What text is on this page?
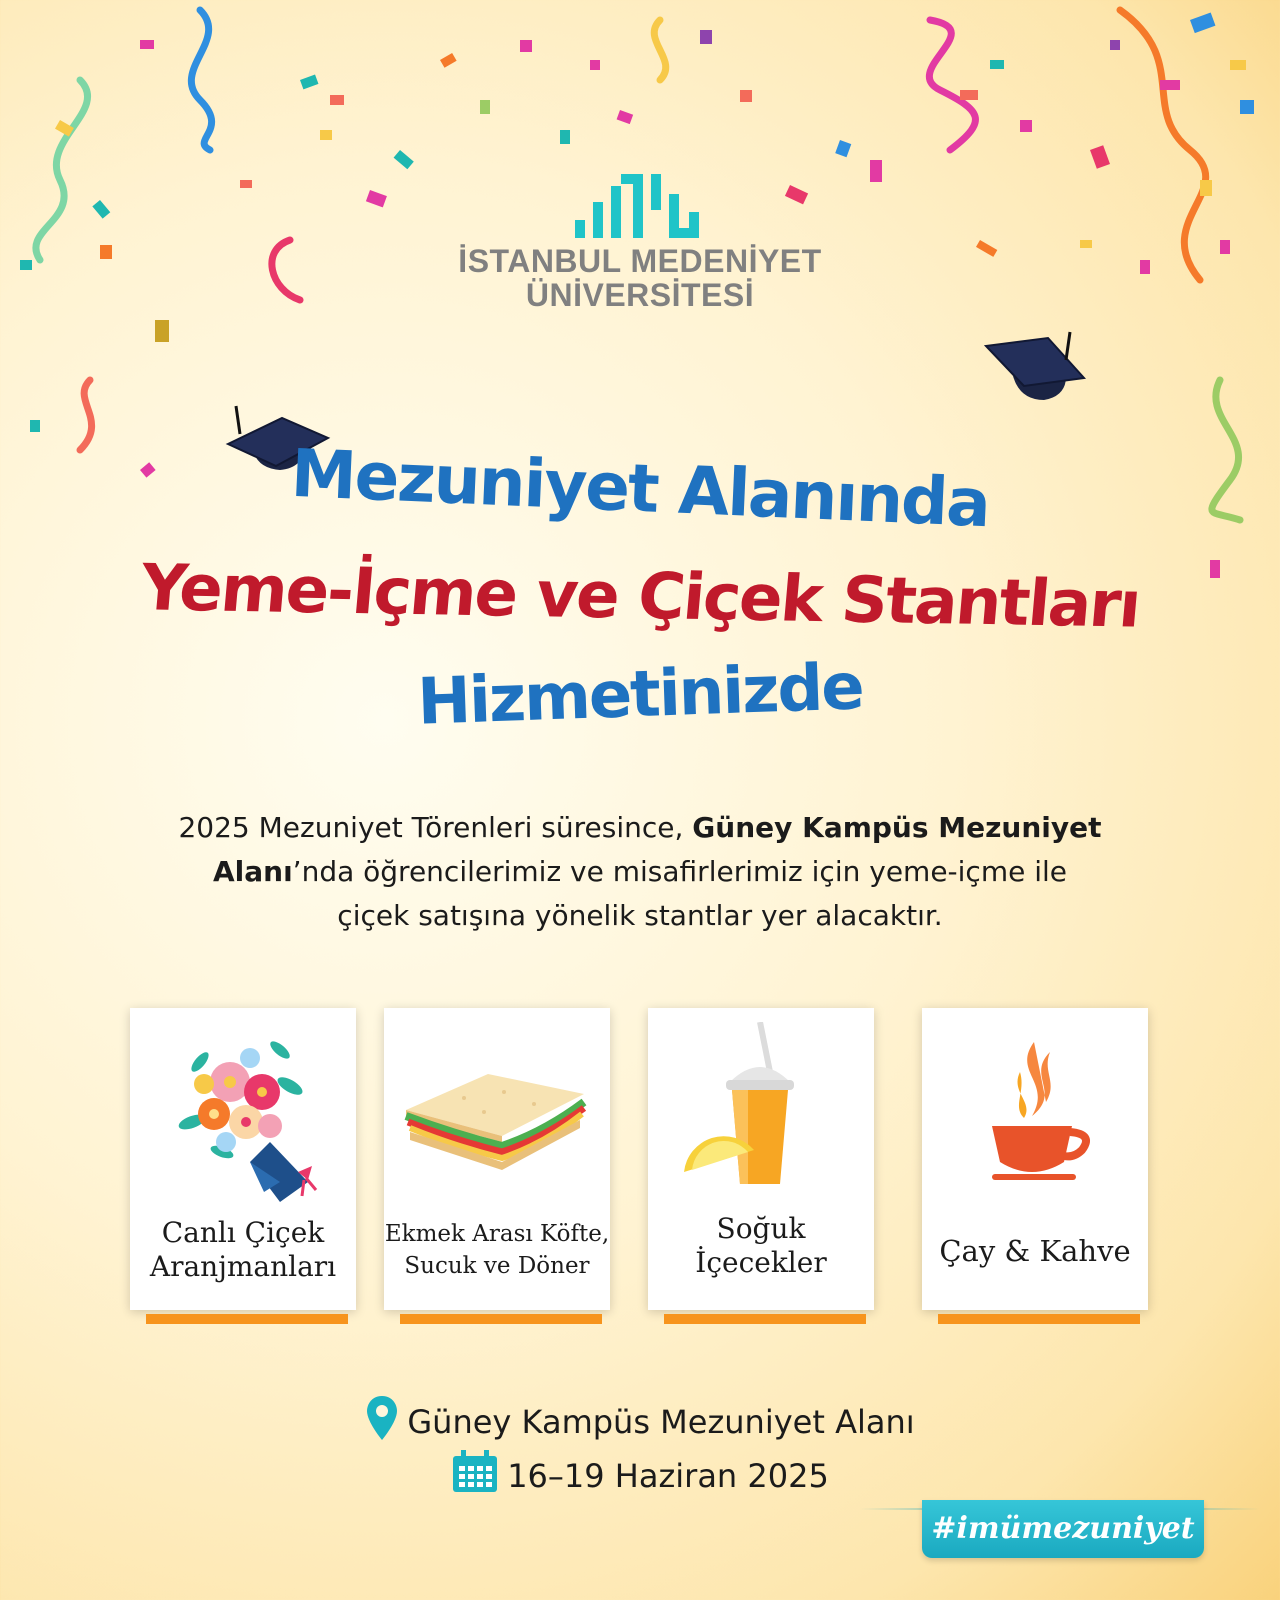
İSTANBUL MEDENİYET
ÜNİVERSİTESİ
Mezuniyet Alanında
Yeme-İçme ve Çiçek Stantları
Hizmetinizde
2025 Mezuniyet Törenleri süresince, Güney Kampüs Mezuniyet
Alanı’nda öğrencilerimiz ve misafirlerimiz için yeme-içme ile
çiçek satışına yönelik stantlar yer alacaktır.
Canlı Çiçek
Aranjmanları
Ekmek Arası Köfte,
Sucuk ve Döner
Soğuk
İçecekler	Çay & Kahve
Güney Kampüs Mezuniyet Alanı
16–19 Haziran 2025
#imümezuniyet
